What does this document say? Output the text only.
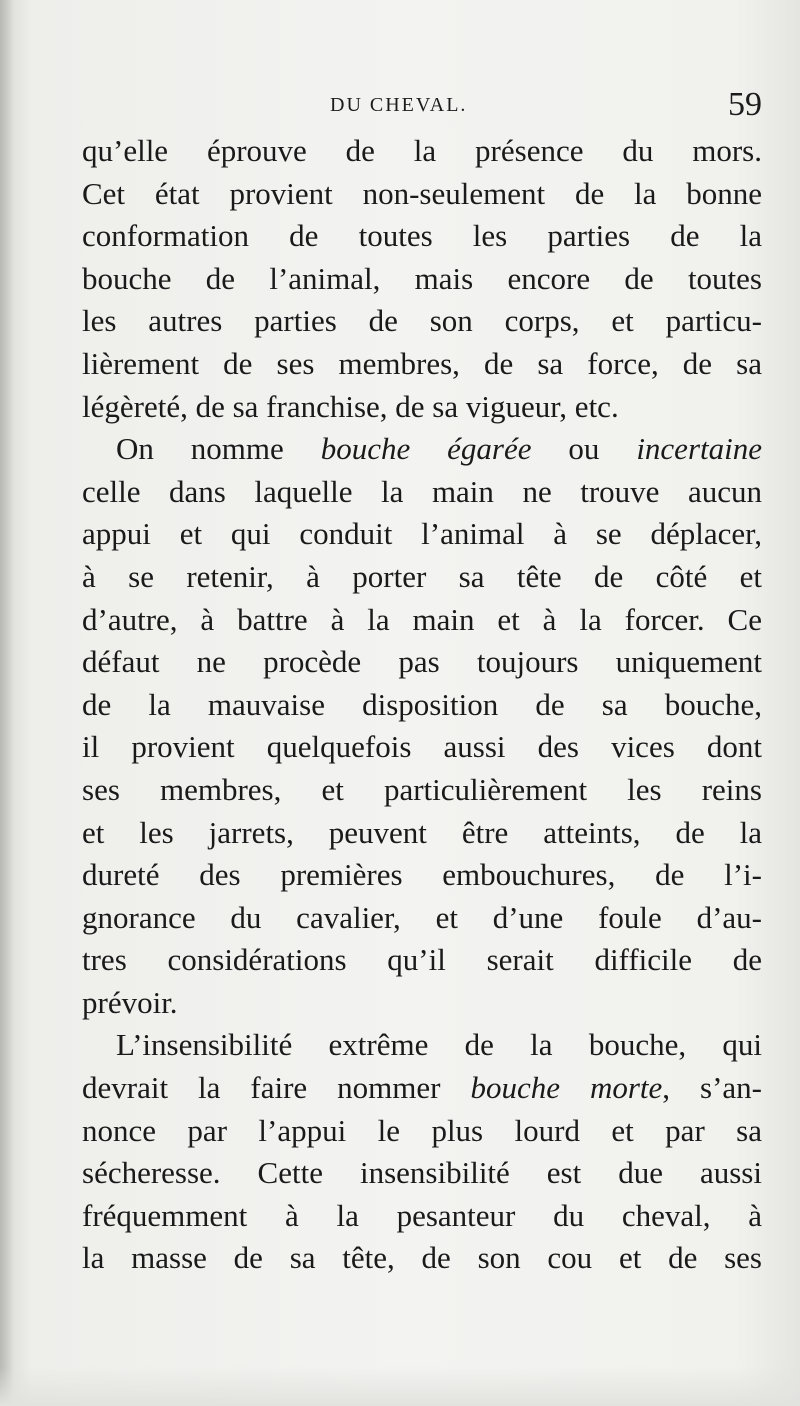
DU CHEVAL.	59
qu’elle éprouve de la présence du mors.
Cet état provient non-seulement de la bonne
conformation de toutes les parties de la
bouche de l’animal, mais encore de toutes
les autres parties de son corps, et particu-
lièrement de ses membres, de sa force, de sa
légèreté, de sa franchise, de sa vigueur, etc.
On nomme bouche égarée ou incertaine
celle dans laquelle la main ne trouve aucun
appui et qui conduit l’animal à se déplacer,
à se retenir, à porter sa tête de côté et
d’autre, à battre à la main et à la forcer. Ce
défaut ne procède pas toujours uniquement
de la mauvaise disposition de sa bouche,
il provient quelquefois aussi des vices dont
ses membres, et particulièrement les reins
et les jarrets, peuvent être atteints, de la
dureté des premières embouchures, de l’i-
gnorance du cavalier, et d’une foule d’au-
tres considérations qu’il serait difficile de
prévoir.
L’insensibilité extrême de la bouche, qui
devrait la faire nommer bouche morte, s’an-
nonce par l’appui le plus lourd et par sa
sécheresse. Cette insensibilité est due aussi
fréquemment à la pesanteur du cheval, à
la masse de sa tête, de son cou et de ses
